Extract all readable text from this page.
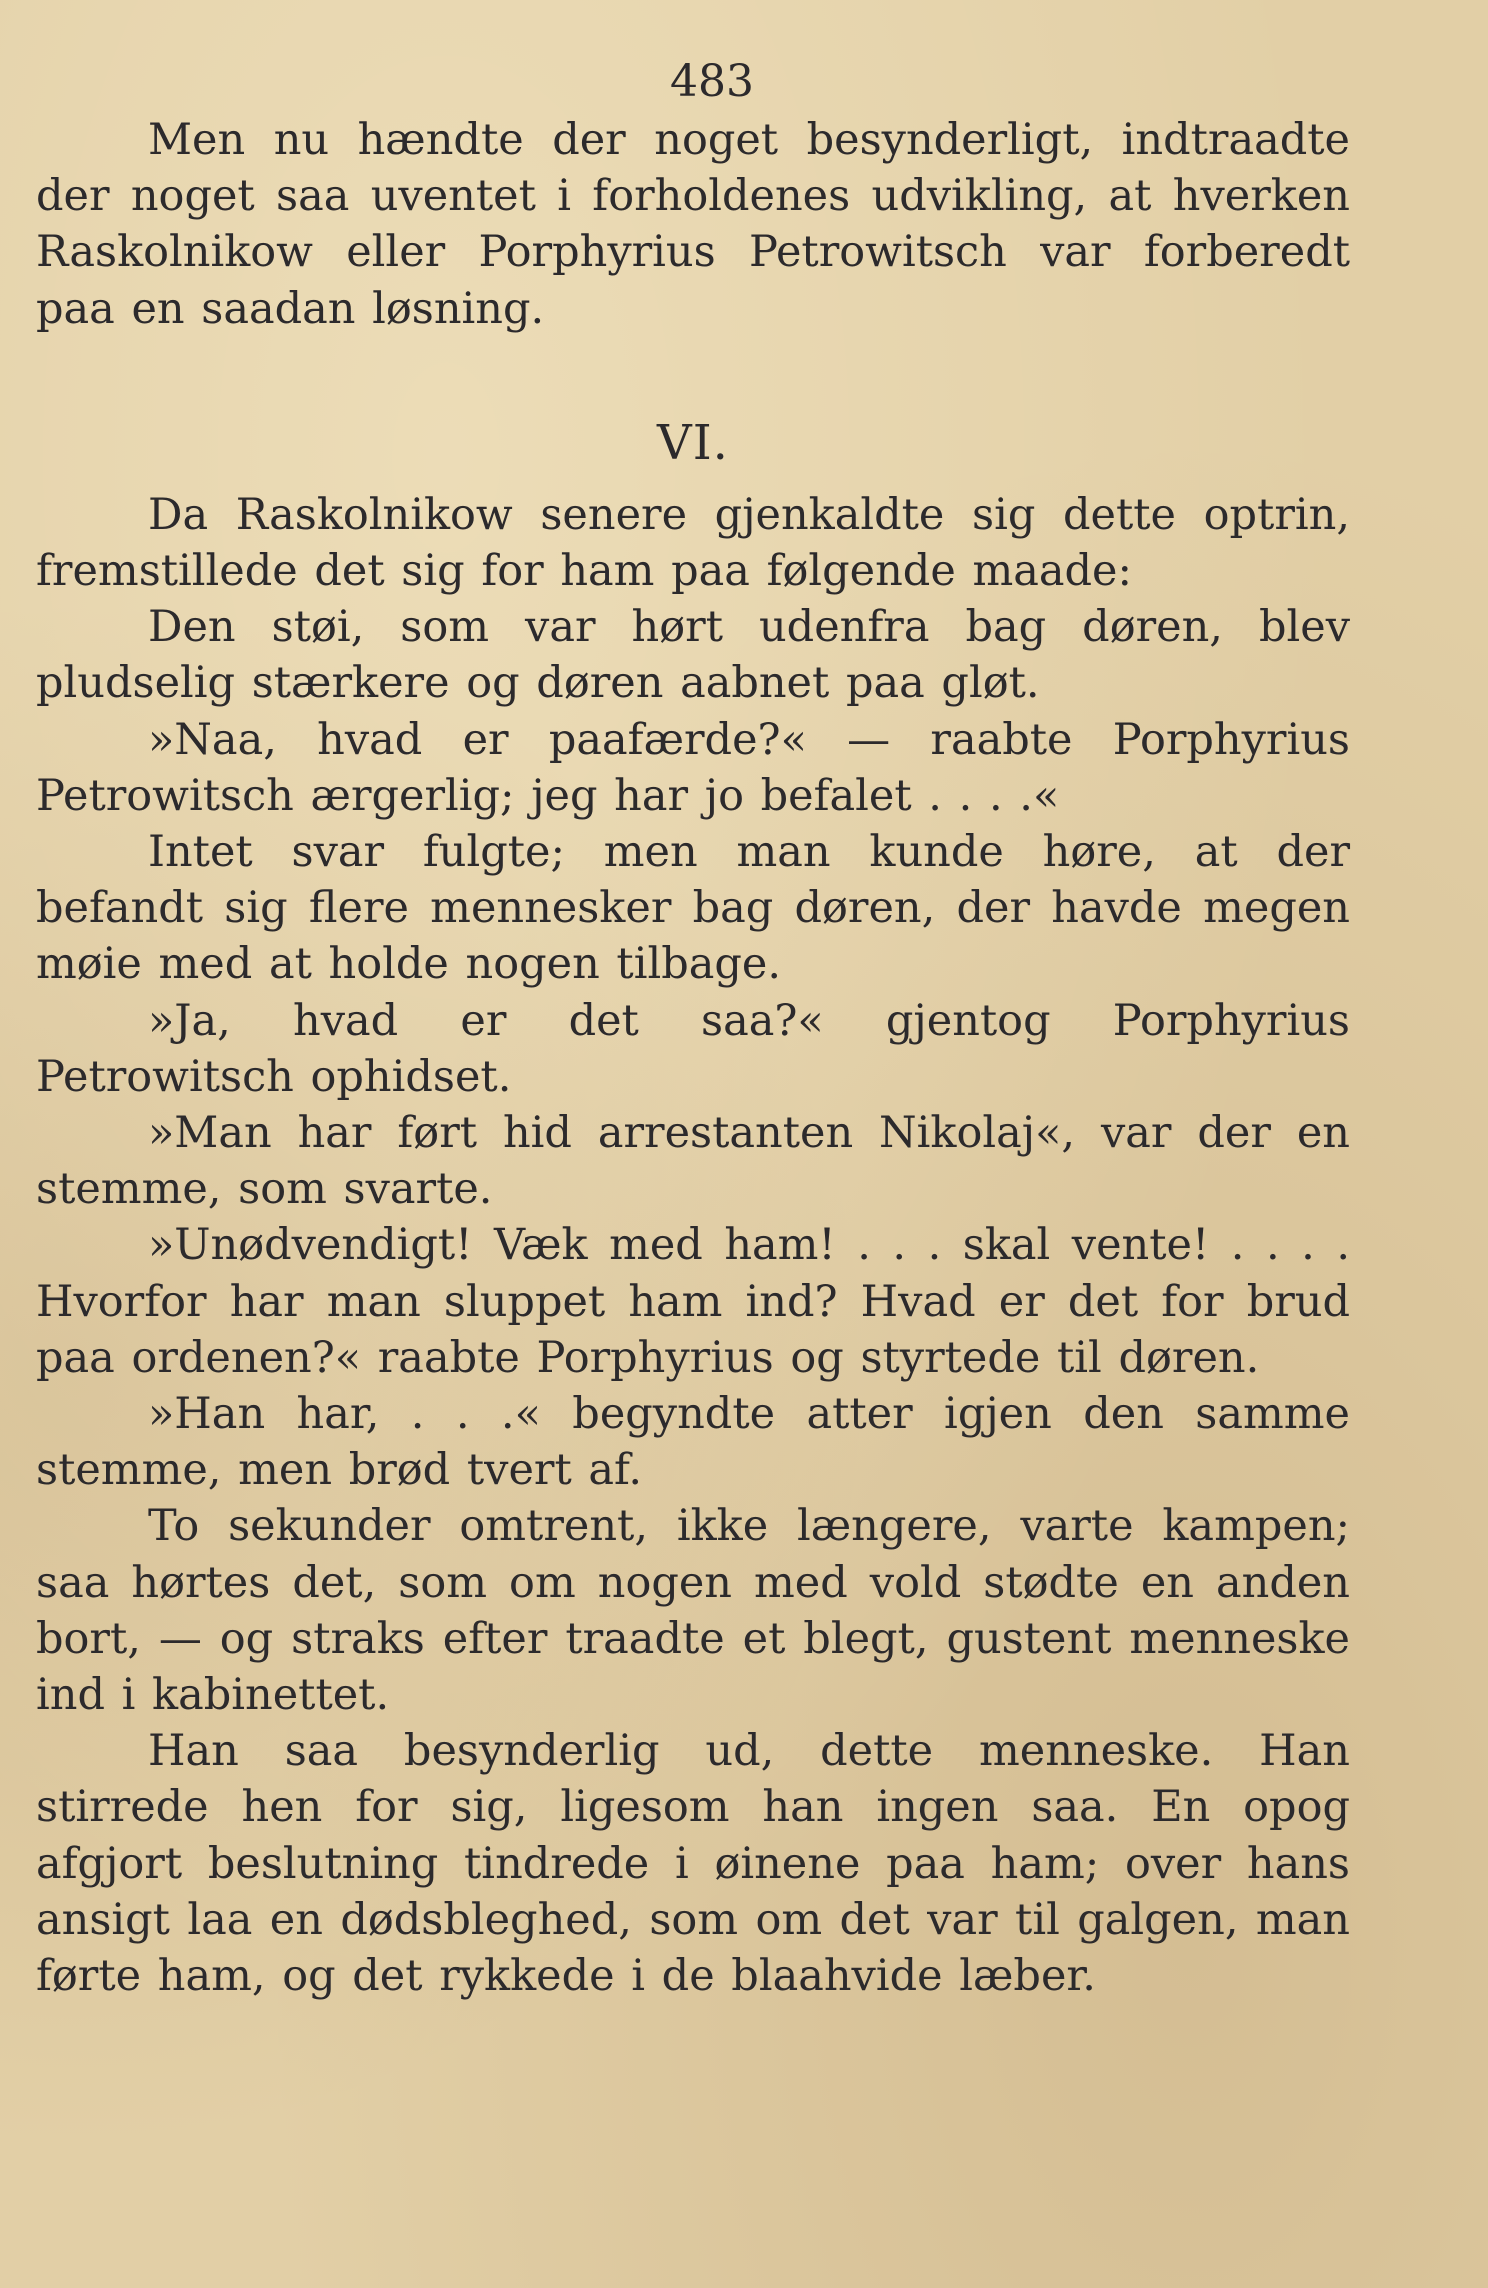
483

Men nu hændte der noget besynderligt, indtraadte der noget saa uventet i forholdenes udvikling, at hverken Raskolnikow eller Porphyrius Petrowitsch var forberedt paa en saadan løsning.

VI.

Da Raskolnikow senere gjenkaldte sig dette optrin, fremstillede det sig for ham paa følgende maade:

Den støi, som var hørt udenfra bag døren, blev pludselig stærkere og døren aabnet paa gløt.

»Naa, hvad er paafærde?« — raabte Porphyrius Petrowitsch ærgerlig; jeg har jo befalet . . . .«

Intet svar fulgte; men man kunde høre, at der befandt sig flere mennesker bag døren, der havde megen møie med at holde nogen tilbage.

»Ja, hvad er det saa?« gjentog Porphyrius Petrowitsch ophidset.

»Man har ført hid arrestanten Nikolaj«, var der en stemme, som svarte.

»Unødvendigt! Væk med ham! . . . skal vente! . . . . Hvorfor har man sluppet ham ind? Hvad er det for brud paa ordenen?« raabte Porphyrius og styrtede til døren.

»Han har, . . .« begyndte atter igjen den samme stemme, men brød tvert af.

To sekunder omtrent, ikke længere, varte kampen; saa hørtes det, som om nogen med vold stødte en anden bort, — og straks efter traadte et blegt, gustent menneske ind i kabinettet.

Han saa besynderlig ud, dette menneske. Han stirrede hen for sig, ligesom han ingen saa. En opog afgjort beslutning tindrede i øinene paa ham; over hans ansigt laa en dødsbleghed, som om det var til galgen, man førte ham, og det rykkede i de blaahvide læber.
